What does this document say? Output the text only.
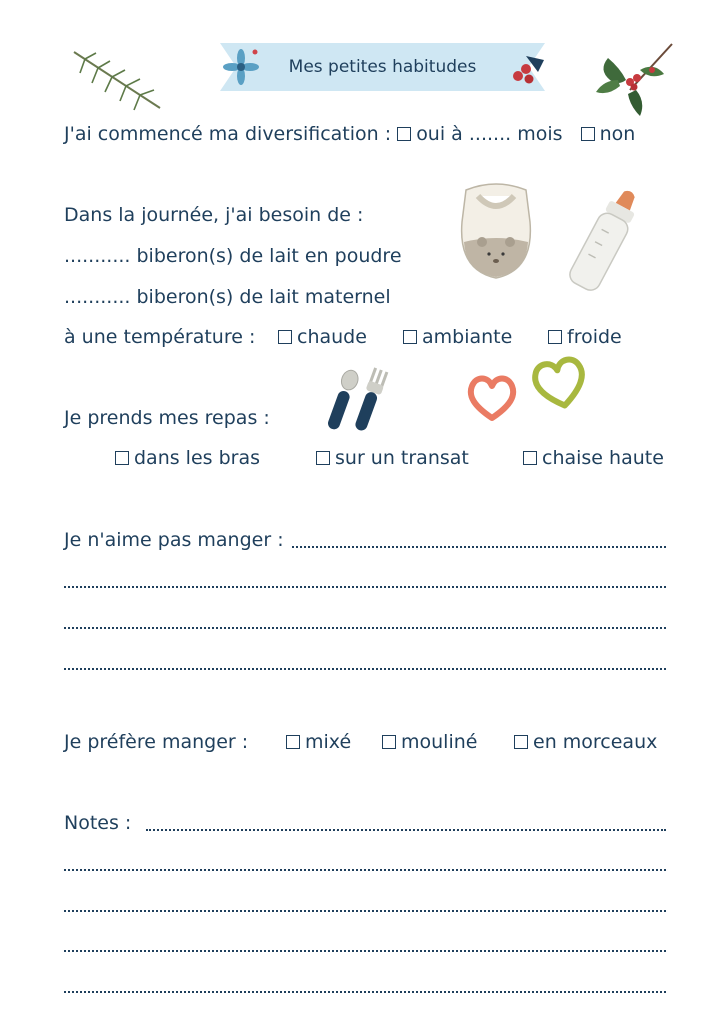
Mes petites habitudes
J'ai commencé ma diversification : oui à ....... mois non
Dans la journée, j'ai besoin de :
........... biberon(s) de lait en poudre
........... biberon(s) de lait maternel
à une température :	chaude	ambiante	froide
Je prends mes repas :
dans les bras	sur un transat	chaise haute
Je n'aime pas manger :
Je préfère manger :	mixé	mouliné	en morceaux
Notes :
